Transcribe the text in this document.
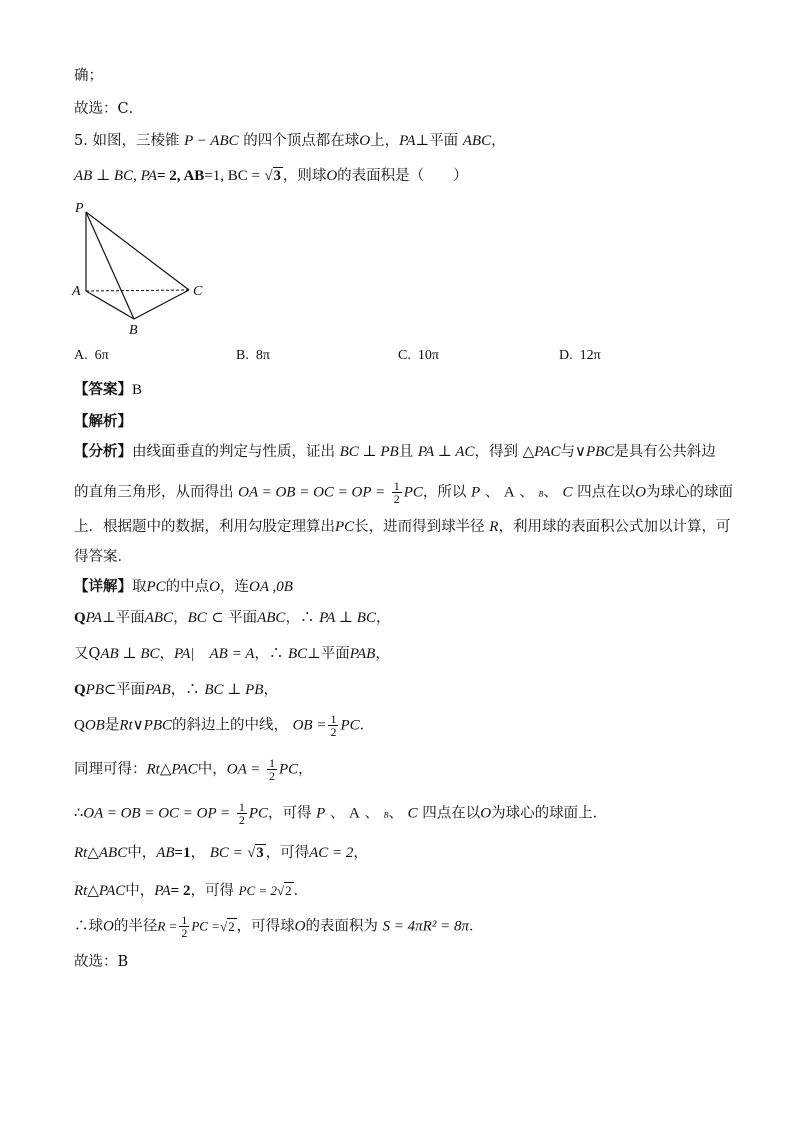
确；
故选：C．
5. 如图，三棱锥 P − ABC 的四个顶点都在球O上，PA⊥平面 ABC，
AB ⊥ BC, PA= 2, AB=1, BC = √3 ，则球O的表面积是（　　）
P
A
B
C
A. 6π	B. 8π	C. 10π	D. 12π
【答案】B
【解析】
【分析】由线面垂直的判定与性质，证出 BC ⊥ PB且 PA ⊥ AC，得到 △PAC与∨PBC是具有公共斜边
的直角三角形，从而得出 OA = OB = OC = OP = $\frac{1}{2}$ PC，所以 P 、 A 、 B、 C 四点在以O为球心的球面
上．根据题中的数据，利用勾股定理算出PC长，进而得到球半径 R，利用球的表面积公式加以计算，可
得答案．
【详解】取PC的中点O，连OA ,0B
QPA⊥平面ABC，BC ⊂ 平面ABC，∴ PA ⊥ BC，
又QAB ⊥ BC，PA|　AB = A，∴ BC⊥平面PAB，
QPB⊂平面PAB，∴ BC ⊥ PB，
QOB是Rt∨PBC的斜边上的中线， OB = $\frac{1}{2}$ PC．
同理可得：Rt△PAC中，OA = $\frac{1}{2}$ PC，
∴OA = OB = OC = OP = $\frac{1}{2}$ PC，可得 P 、 A 、 B、 C 四点在以O为球心的球面上．
Rt△ABC中，AB=1， BC = √3 ，可得AC = 2，
Rt△PAC中，PA= 2，可得 PC = 2√2 ．
∴球O的半径$R = \frac{1}{2}$ PC =√2 ，可得球O的表面积为 S = 4πR² = 8π．
故选：B
